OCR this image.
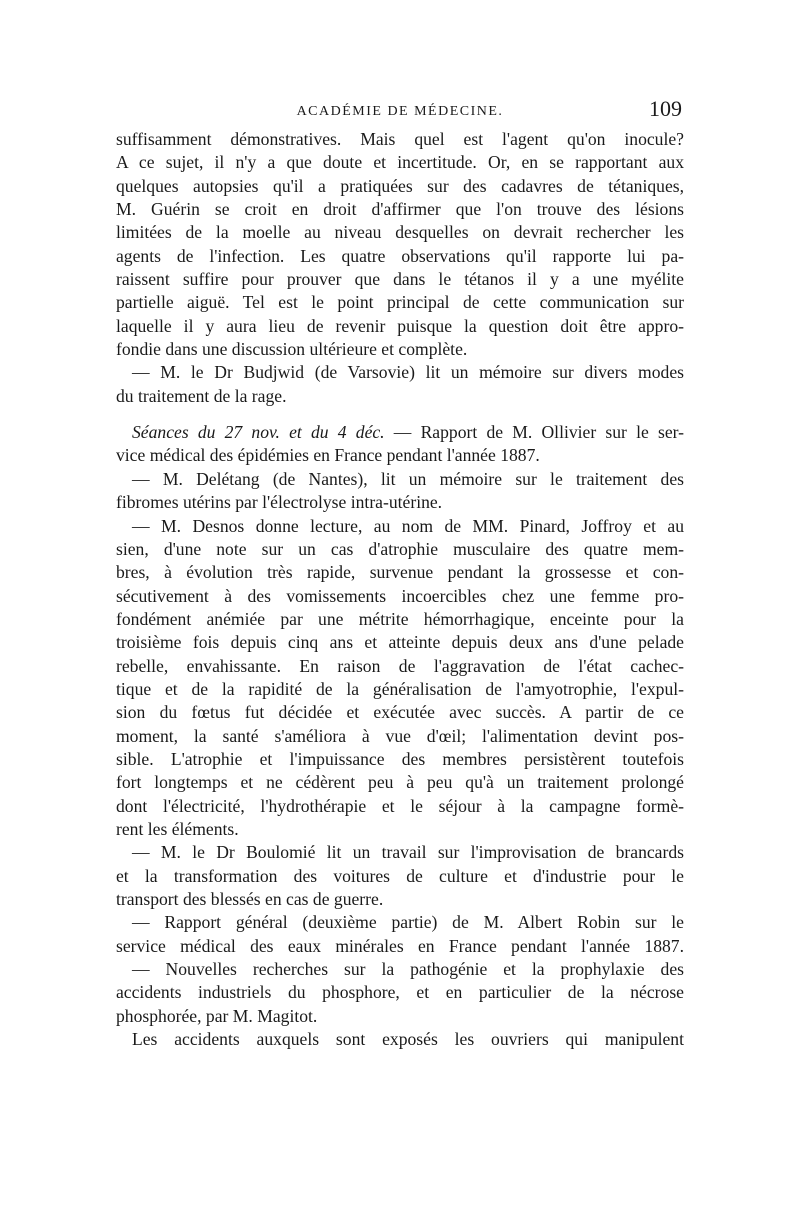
ACADÉMIE DE MÉDECINE.	109
suffisamment démonstratives. Mais quel est l'agent qu'on inocule?
A ce sujet, il n'y a que doute et incertitude. Or, en se rapportant aux
quelques autopsies qu'il a pratiquées sur des cadavres de tétaniques,
M. Guérin se croit en droit d'affirmer que l'on trouve des lésions
limitées de la moelle au niveau desquelles on devrait rechercher les
agents de l'infection. Les quatre observations qu'il rapporte lui pa-
raissent suffire pour prouver que dans le tétanos il y a une myélite
partielle aiguë. Tel est le point principal de cette communication sur
laquelle il y aura lieu de revenir puisque la question doit être appro-
fondie dans une discussion ultérieure et complète.
— M. le Dr Budjwid (de Varsovie) lit un mémoire sur divers modes
du traitement de la rage.
Séances du 27 nov. et du 4 déc. — Rapport de M. Ollivier sur le ser-
vice médical des épidémies en France pendant l'année 1887.
— M. Delétang (de Nantes), lit un mémoire sur le traitement des
fibromes utérins par l'électrolyse intra-utérine.
— M. Desnos donne lecture, au nom de MM. Pinard, Joffroy et au
sien, d'une note sur un cas d'atrophie musculaire des quatre mem-
bres, à évolution très rapide, survenue pendant la grossesse et con-
sécutivement à des vomissements incoercibles chez une femme pro-
fondément anémiée par une métrite hémorrhagique, enceinte pour la
troisième fois depuis cinq ans et atteinte depuis deux ans d'une pelade
rebelle, envahissante. En raison de l'aggravation de l'état cachec-
tique et de la rapidité de la généralisation de l'amyotrophie, l'expul-
sion du fœtus fut décidée et exécutée avec succès. A partir de ce
moment, la santé s'améliora à vue d'œil; l'alimentation devint pos-
sible. L'atrophie et l'impuissance des membres persistèrent toutefois
fort longtemps et ne cédèrent peu à peu qu'à un traitement prolongé
dont l'électricité, l'hydrothérapie et le séjour à la campagne formè-
rent les éléments.
— M. le Dr Boulomié lit un travail sur l'improvisation de brancards
et la transformation des voitures de culture et d'industrie pour le
transport des blessés en cas de guerre.
— Rapport général (deuxième partie) de M. Albert Robin sur le
service médical des eaux minérales en France pendant l'année 1887.
— Nouvelles recherches sur la pathogénie et la prophylaxie des
accidents industriels du phosphore, et en particulier de la nécrose
phosphorée, par M. Magitot.
Les accidents auxquels sont exposés les ouvriers qui manipulent
